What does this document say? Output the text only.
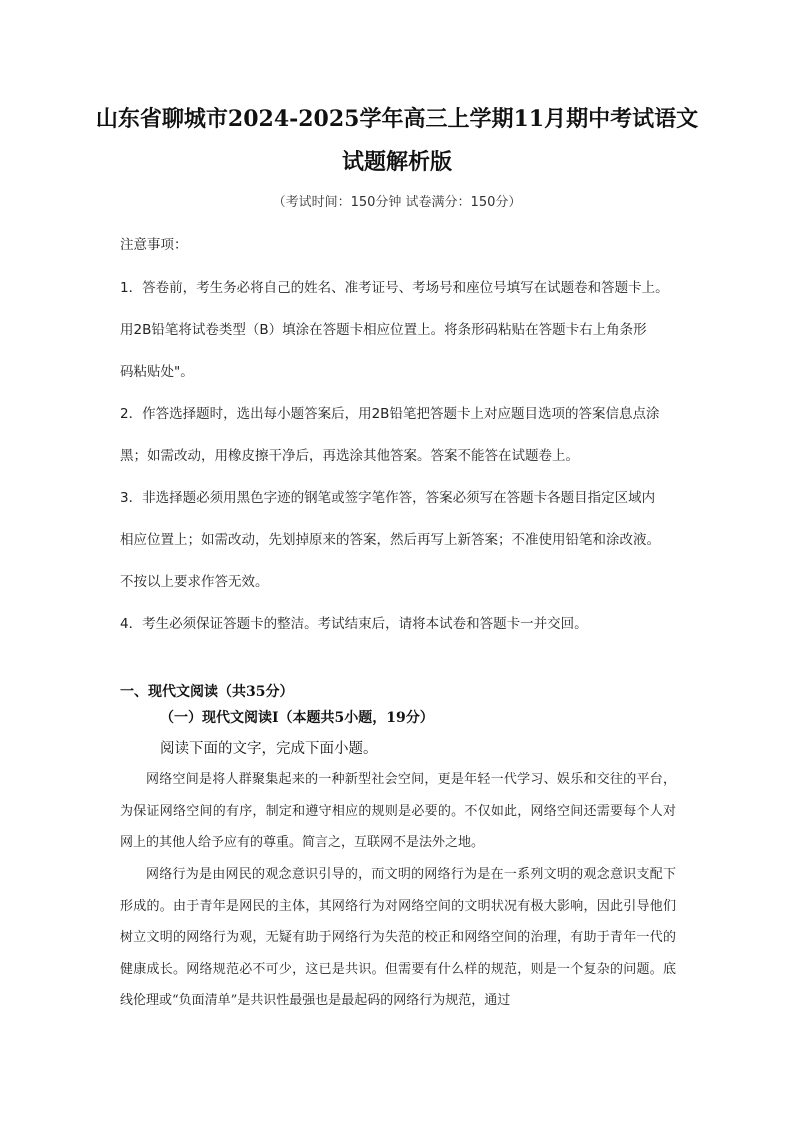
山东省聊城市2024-2025学年高三上学期11月期中考试语文
试题解析版
（考试时间：150分钟 试卷满分：150分）
注意事项：
1．答卷前，考生务必将自己的姓名、准考证号、考场号和座位号填写在试题卷和答题卡上。
用2B铅笔将试卷类型（B）填涂在答题卡相应位置上。将条形码粘贴在答题卡右上角条形
码粘贴处"。
2．作答选择题时，选出每小题答案后，用2B铅笔把答题卡上对应题目选项的答案信息点涂
黑；如需改动，用橡皮擦干净后，再选涂其他答案。答案不能答在试题卷上。
3．非选择题必须用黑色字迹的钢笔或签字笔作答，答案必须写在答题卡各题目指定区域内
相应位置上；如需改动，先划掉原来的答案，然后再写上新答案；不准使用铅笔和涂改液。
不按以上要求作答无效。
4．考生必须保证答题卡的整洁。考试结束后，请将本试卷和答题卡一并交回。
一、现代文阅读（共35分）
（一）现代文阅读Ⅰ（本题共5小题，19分）
阅读下面的文字，完成下面小题。
网络空间是将人群聚集起来的一种新型社会空间，更是年轻一代学习、娱乐和交往的平台，为保证网络空间的有序，制定和遵守相应的规则是必要的。不仅如此，网络空间还需要每个人对网上的其他人给予应有的尊重。简言之，互联网不是法外之地。
网络行为是由网民的观念意识引导的，而文明的网络行为是在一系列文明的观念意识支配下形成的。由于青年是网民的主体，其网络行为对网络空间的文明状况有极大影响，因此引导他们树立文明的网络行为观，无疑有助于网络行为失范的校正和网络空间的治理，有助于青年一代的健康成长。网络规范必不可少，这已是共识。但需要有什么样的规范，则是一个复杂的问题。底线伦理或“负面清单”是共识性最强也是最起码的网络行为规范，通过
